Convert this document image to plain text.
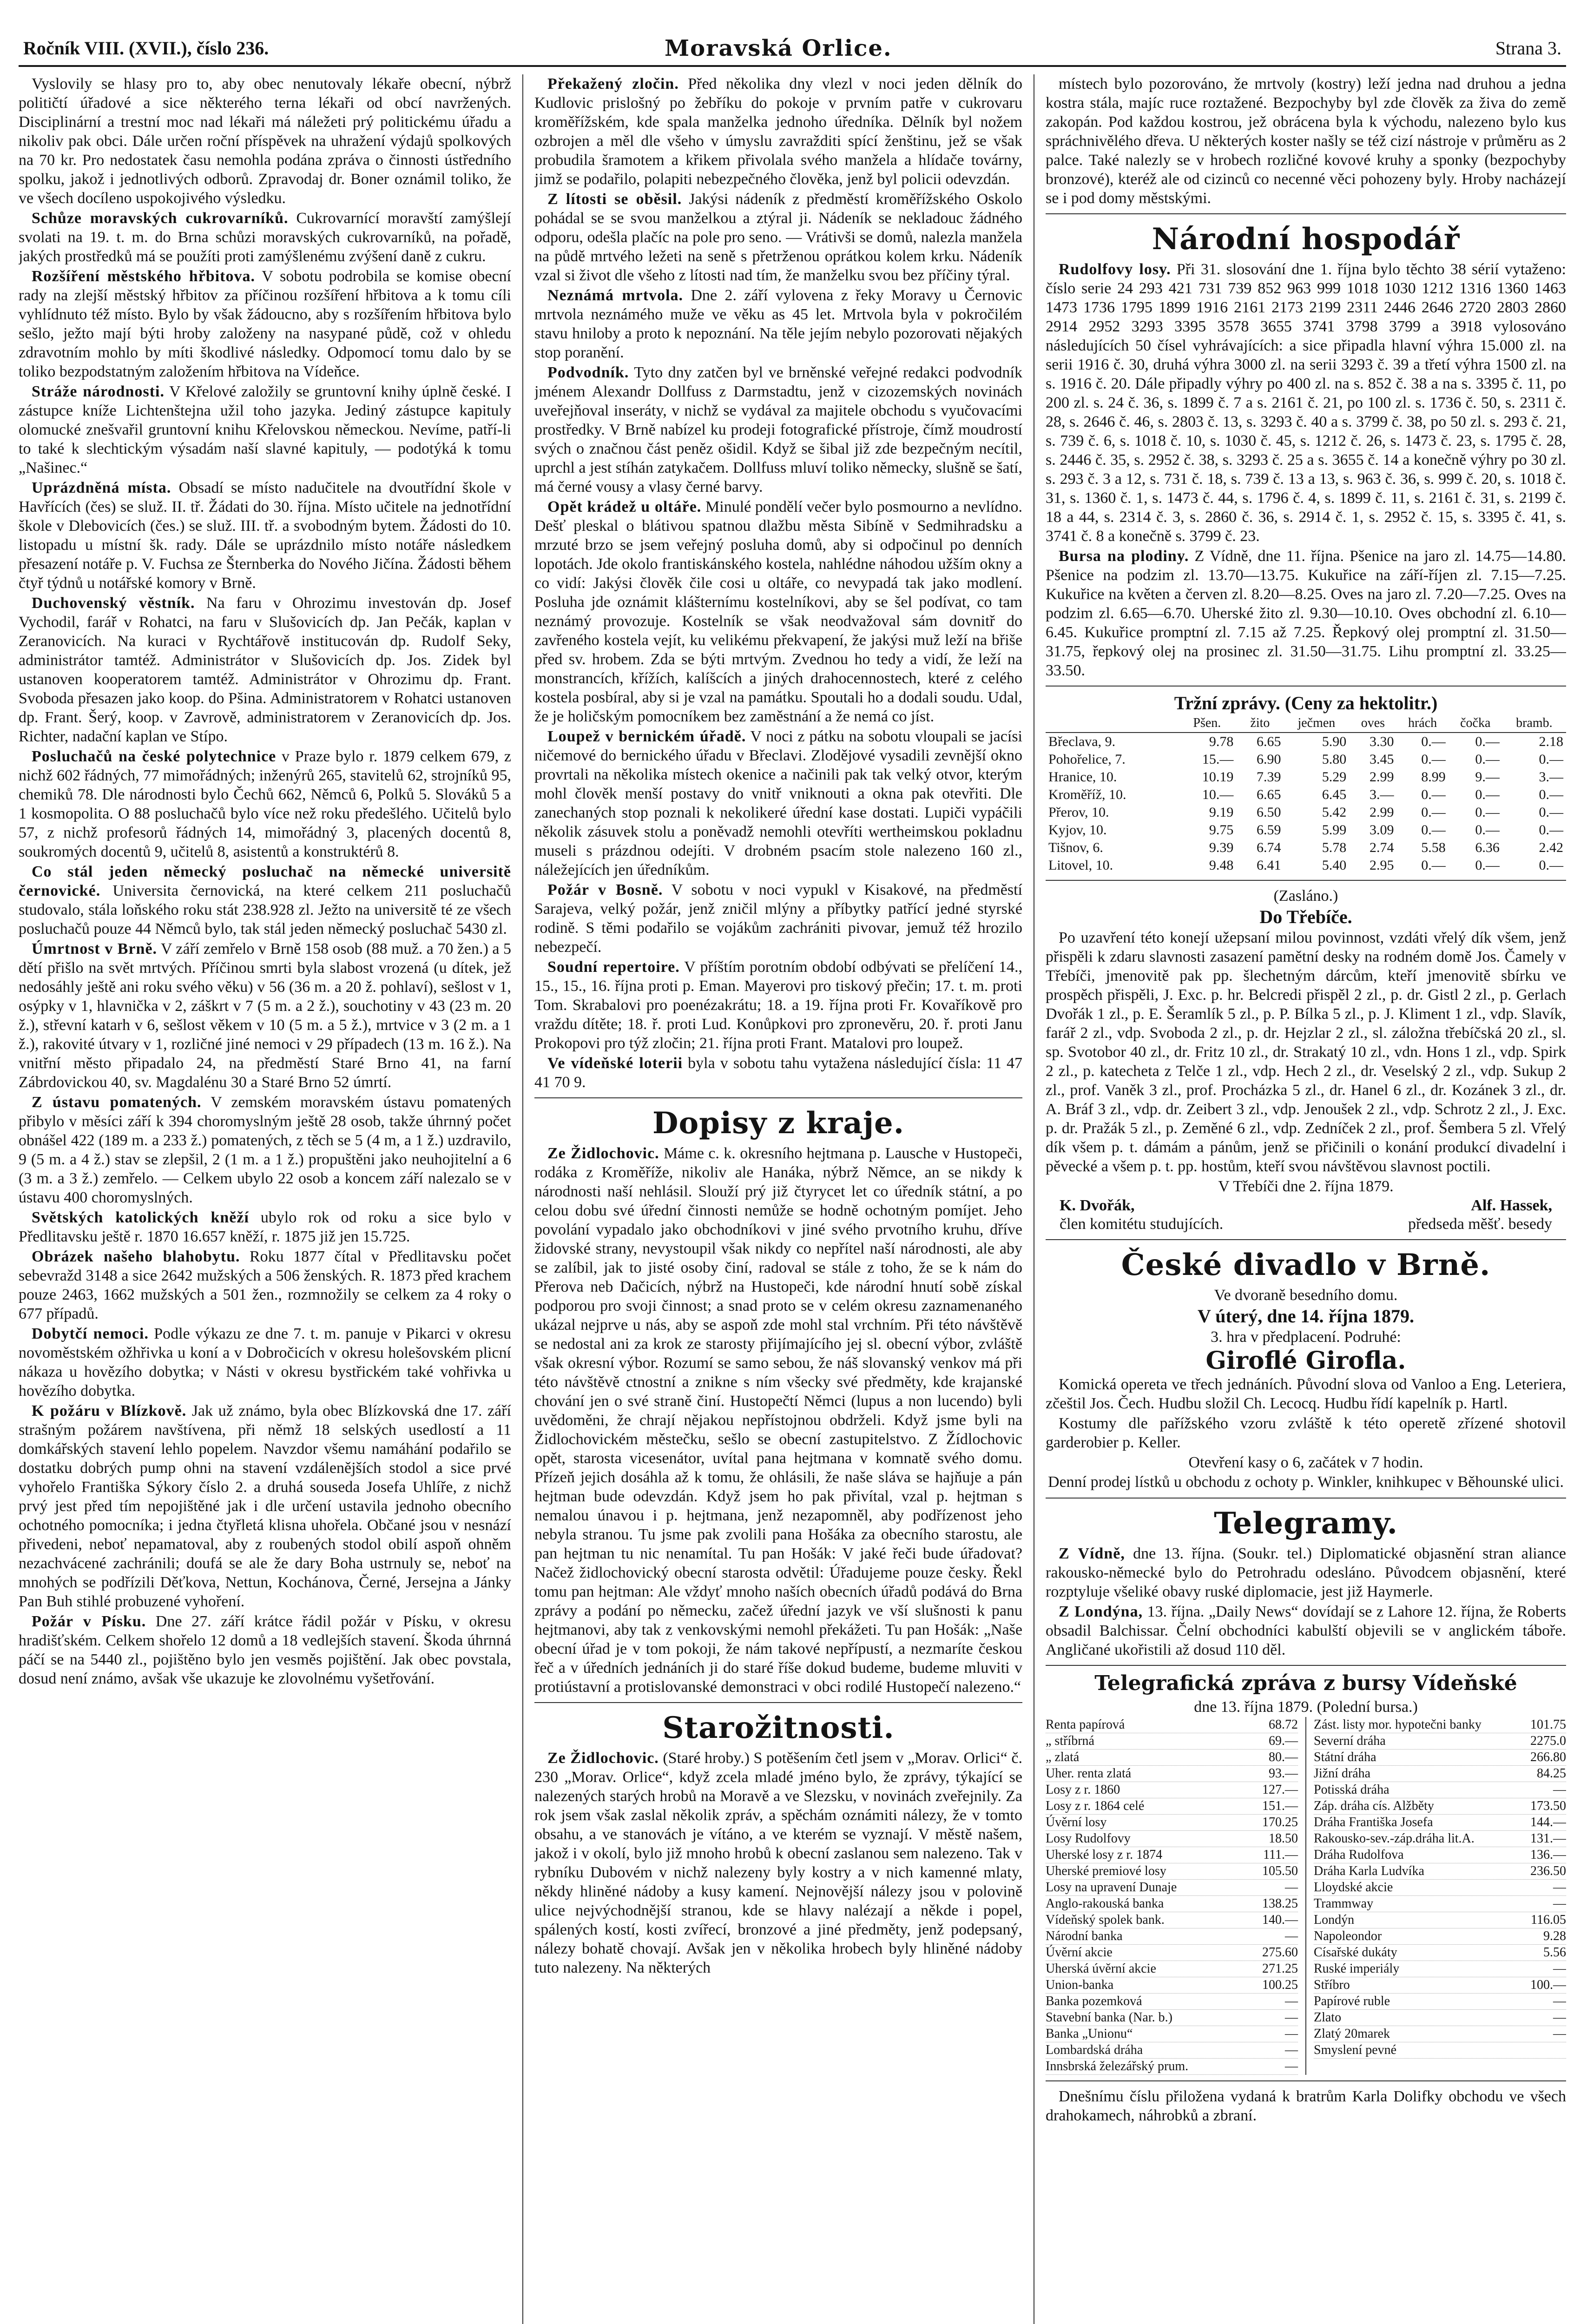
Ročník VIII. (XVII.), číslo 236.	Moravská Orlice.	Strana 3.

Vyslovily se hlasy pro to, aby obec nenutovaly lékaře obecní, nýbrž političtí úřadové a sice některého terna lékaři od obcí navržených. Disciplinární a trestní moc nad lékaři má náležeti prý politickému úřadu a nikoliv pak obci. Dále určen roční příspěvek na uhražení výdajů spolkových na 70 kr. Pro nedostatek času nemohla podána zpráva o činnosti ústředního spolku, jakož i jednotlivých odborů. Zpravodaj dr. Boner oznámil toliko, že ve všech docíleno uspokojivého výsledku.

Schůze moravských cukrovarníků. Cukrovarnící moravští zamýšlejí svolati na 19. t. m. do Brna schůzi moravských cukrovarníků, na pořadě, jakých prostředků má se použíti proti zamýšlenému zvýšení daně z cukru.

Rozšíření městského hřbitova. V sobotu podrobila se komise obecní rady na zlejší městský hřbitov za příčinou rozšíření hřbitova a k tomu cíli vyhlídnuto též místo. Bylo by však žádoucno, aby s rozšířením hřbitova bylo sešlo, ježto mají býti hroby založeny na nasypané půdě, což v ohledu zdravotním mohlo by míti škodlivé následky. Odpomocí tomu dalo by se toliko bezpodstatným založením hřbitova na Vídeňce.

Stráže národnosti. V Křelové založily se gruntovní knihy úplně české. I zástupce kníže Lichtenštejna užil toho jazyka. Jediný zástupce kapituly olomucké znešvařil gruntovní knihu Křelovskou německou. Nevíme, patří-li to také k slechtickým výsadám naší slavné kapituly, — podotýká k tomu „Našinec.“

Uprázdněná místa. Obsadí se místo nadučitele na dvoutřídní škole v Havřících (čes) se služ. II. tř. Žádati do 30. října. Místo učitele na jednotřídní škole v Dlebovicích (čes.) se služ. III. tř. a svobodným bytem. Žádosti do 10. listopadu u místní šk. rady. Dále se uprázdnilo místo notáře následkem přesazení notáře p. V. Fuchsa ze Šternberka do Nového Jičína. Žádosti během čtyř týdnů u notářské komory v Brně.

Duchovenský věstník. Na faru v Ohrozimu investován dp. Josef Vychodil, farář v Rohatci, na faru v Slušovicích dp. Jan Pečák, kaplan v Zeranovicích. Na kuraci v Rychtářově institucován dp. Rudolf Seky, administrátor tamtéž. Administrátor v Slušovicích dp. Jos. Zidek byl ustanoven kooperatorem tamtéž. Administrátor v Ohrozimu dp. Frant. Svoboda přesazen jako koop. do Pšina. Administratorem v Rohatci ustanoven dp. Frant. Šerý, koop. v Zavrově, administratorem v Zeranovicích dp. Jos. Richter, nadační kaplan ve Stípo.

Posluchačů na české polytechnice v Praze bylo r. 1879 celkem 679, z nichž 602 řádných, 77 mimořádných; inženýrů 265, stavitelů 62, strojníků 95, chemiků 78. Dle národnosti bylo Čechů 662, Němců 6, Polků 5. Slováků 5 a 1 kosmopolita. O 88 posluchačů bylo více než roku předešlého. Učitelů bylo 57, z nichž profesorů řádných 14, mimořádný 3, placených docentů 8, soukromých docentů 9, učitelů 8, asistentů a konstruktérů 8.

Co stál jeden německý posluchač na německé universitě černovické. Universita černovická, na které celkem 211 posluchačů studovalo, stála loňského roku stát 238.928 zl. Ježto na universitě té ze všech posluchačů pouze 44 Němců bylo, tak stál jeden německý posluchač 5430 zl.

Úmrtnost v Brně. V září zemřelo v Brně 158 osob (88 muž. a 70 žen.) a 5 dětí přišlo na svět mrtvých. Příčinou smrti byla slabost vrozená (u dítek, jež nedosáhly ještě ani roku svého věku) v 56 (36 m. a 20 ž. pohlaví), sešlost v 1, osýpky v 1, hlavnička v 2, záškrt v 7 (5 m. a 2 ž.), souchotiny v 43 (23 m. 20 ž.), střevní katarh v 6, sešlost věkem v 10 (5 m. a 5 ž.), mrtvice v 3 (2 m. a 1 ž.), rakovité útvary v 1, rozličné jiné nemoci v 29 případech (13 m. 16 ž.). Na vnitřní město připadalo 24, na předměstí Staré Brno 41, na farní Zábrdovickou 40, sv. Magdalénu 30 a Staré Brno 52 úmrtí.

Z ústavu pomatených. V zemském moravském ústavu pomatených přibylo v měsíci září k 394 choromyslným ještě 28 osob, takže úhrnný počet obnášel 422 (189 m. a 233 ž.) pomatených, z těch se 5 (4 m, a 1 ž.) uzdravilo, 9 (5 m. a 4 ž.) stav se zlepšil, 2 (1 m. a 1 ž.) propuštěni jako neuhojitelní a 6 (3 m. a 3 ž.) zemřelo. — Celkem ubylo 22 osob a koncem září nalezalo se v ústavu 400 choromyslných.

Světských katolických kněží ubylo rok od roku a sice bylo v Předlitavsku ještě r. 1870 16.657 kněží, r. 1875 již jen 15.725.

Obrázek našeho blahobytu. Roku 1877 čítal v Předlitavsku počet sebevražd 3148 a sice 2642 mužských a 506 ženských. R. 1873 před krachem pouze 2463, 1662 mužských a 501 žen., rozmnožily se celkem za 4 roky o 677 případů.

Dobytčí nemoci. Podle výkazu ze dne 7. t. m. panuje v Pikarci v okresu novoměstském ožhřivka u koní a v Dobročicích v okresu holešovském plicní nákaza u hovězího dobytka; v Násti v okresu bystřickém také vohřivka u hovězího dobytka.

K požáru v Blízkově. Jak už známo, byla obec Blízkovská dne 17. září strašným požárem navštívena, při němž 18 selských usedlostí a 11 domkářských stavení lehlo popelem. Navzdor všemu namáhání podařilo se dostatku dobrých pump ohni na stavení vzdálenějších stodol a sice prvé vyhořelo Františka Sýkory číslo 2. a druhá souseda Josefa Uhlíře, z nichž prvý jest před tím nepojištěné jak i dle určení ustavila jednoho obecního ochotného pomocníka; i jedna čtyřletá klisna uhořela. Občané jsou v nesnází přivedeni, neboť nepamatoval, aby z roubených stodol obilí aspoň ohněm nezachvácené zachránili; doufá se ale že dary Boha ustrnuly se, neboť na mnohých se podřízili Děťkova, Nettun, Kochánova, Černé, Jersejna a Jánky Pan Buh stihlé probuzené vyhoření.

Požár v Písku. Dne 27. září krátce řádil požár v Písku, v okresu hradišťském. Celkem shořelo 12 domů a 18 vedlejších stavení. Škoda úhrnná páčí se na 5440 zl., pojištěno bylo jen vesměs pojištění. Jak obec povstala, dosud není známo, avšak vše ukazuje ke zlovolnému vyšetřování.

Překažený zločin. Před několika dny vlezl v noci jeden dělník do Kudlovic prislošný po žebříku do pokoje v prvním patře v cukrovaru kroměřížském, kde spala manželka jednoho úředníka. Dělník byl nožem ozbrojen a měl dle všeho v úmyslu zavražditi spící ženštinu, jež se však probudila šramotem a křikem přivolala svého manžela a hlídače továrny, jimž se podařilo, polapiti nebezpečného člověka, jenž byl policii odevzdán.

Z lítosti se oběsil. Jakýsi nádeník z předměstí kroměřížského Oskolo pohádal se se svou manželkou a ztýral ji. Nádeník se nekladouc žádného odporu, odešla plačíc na pole pro seno. — Vrátivši se domů, nalezla manžela na půdě mrtvého ležeti na seně s přetrženou oprátkou kolem krku. Nádeník vzal si život dle všeho z lítosti nad tím, že manželku svou bez příčiny týral.

Neznámá mrtvola. Dne 2. září vylovena z řeky Moravy u Černovic mrtvola neznámého muže ve věku as 45 let. Mrtvola byla v pokročilém stavu hniloby a proto k nepoznání. Na těle jejím nebylo pozorovati nějakých stop poranění.

Podvodník. Tyto dny zatčen byl ve brněnské veřejné redakci podvodník jménem Alexandr Dollfuss z Darmstadtu, jenž v cizozemských novinách uveřejňoval inseráty, v nichž se vydával za majitele obchodu s vyučovacími prostředky. V Brně nabízel ku prodeji fotografické přístroje, čímž moudrostí svých o značnou část peněz ošidil. Když se šibal již zde bezpečným necítil, uprchl a jest stíhán zatykačem. Dollfuss mluví toliko německy, slušně se šatí, má černé vousy a vlasy černé barvy.

Opět krádež u oltáře. Minulé pondělí večer bylo posmourno a nevlídno. Dešť pleskal o blátivou spatnou dlažbu města Sibíně v Sedmihradsku a mrzuté brzo se jsem veřejný posluha domů, aby si odpočinul po denních lopotách. Jde okolo frantiskánského kostela, nahlédne náhodou užším okny a co vidí: Jakýsi člověk čile cosi u oltáře, co nevypadá tak jako modlení. Posluha jde oznámit klášternímu kostelníkovi, aby se šel podívat, co tam neznámý provozuje. Kostelník se však neodvažoval sám dovnitř do zavřeného kostela vejít, ku velikému překvapení, že jakýsi muž leží na břiše před sv. hrobem. Zda se býti mrtvým. Zvednou ho tedy a vidí, že leží na monstrancích, křížích, kalíšcích a jiných drahocennostech, které z celého kostela posbíral, aby si je vzal na památku. Spoutali ho a dodali soudu. Udal, že je holičským pomocníkem bez zaměstnání a že nemá co jíst.

Loupež v bernickém úřadě. V noci z pátku na sobotu vloupali se jacísi ničemové do bernického úřadu v Břeclavi. Zlodějové vysadili zevnější okno provrtali na několika místech okenice a načinili pak tak velký otvor, kterým mohl člověk menší postavy do vnitř vniknouti a okna pak otevřiti. Dle zanechaných stop poznali k nekolikeré úřední kase dostati. Lupiči vypáčili několik zásuvek stolu a poněvadž nemohli otevříti wertheimskou pokladnu museli s prázdnou odejíti. V drobném psacím stole nalezeno 160 zl., náležejících jen úředníkům.

Požár v Bosně. V sobotu v noci vypukl v Kisakové, na předměstí Sarajeva, velký požár, jenž zničil mlýny a příbytky patřící jedné styrské rodině. S těmi podařilo se vojákům zachrániti pivovar, jemuž též hrozilo nebezpečí.

Soudní repertoire. V příštím porotním období odbývati se přelíčení 14., 15., 15., 16. října proti p. Eman. Mayerovi pro tiskový přečin; 17. t. m. proti Tom. Skrabalovi pro poenézakrátu; 18. a 19. října proti Fr. Kovaříkově pro vraždu dítěte; 18. ř. proti Lud. Konůpkovi pro zpronevěru, 20. ř. proti Janu Prokopovi pro týž zločin; 21. října proti Frant. Matalovi pro loupež.

Ve vídeňské loterii byla v sobotu tahu vytažena následující čísla: 11 47 41 70 9.

Dopisy z kraje.

Ze Židlochovic. Máme c. k. okresního hejtmana p. Lausche v Hustopeči, rodáka z Kroměříže, nikoliv ale Hanáka, nýbrž Němce, an se nikdy k národnosti naší nehlásil. Slouží prý již čtyrycet let co úředník státní, a po celou dobu své úřední činnosti nemůže se hodně ochotným pomíjet. Jeho povolání vypadalo jako obchodníkovi v jiné svého prvotního kruhu, dříve židovské strany, nevystoupil však nikdy co nepřítel naší národnosti, ale aby se zalíbil, jak to jisté osoby činí, radoval se stále z toho, že se k nám do Přerova neb Dačicích, nýbrž na Hustopeči, kde národní hnutí sobě získal podporou pro svoji činnost; a snad proto se v celém okresu zaznamenaného ukázal nejprve u nás, aby se aspoň zde mohl stal vrchním. Při této návštěvě se nedostal ani za krok ze starosty přijímajícího jej sl. obecní výbor, zvláště však okresní výbor. Rozumí se samo sebou, že náš slovanský venkov má při této návštěvě ctnostní a znikne s ním všecky své předměty, kde krajanské chování jen o své straně činí. Hustopečtí Němci (lupus a non lucendo) byli uvědoměni, že chrají nějakou nepřístojnou obdrželi. Když jsme byli na Židlochovickém městečku, sešlo se obecní zastupitelstvo. Z Žídlochovic opět, starosta vicesenátor, uvítal pana hejtmana v komnatě svého domu. Přízeň jejich dosáhla až k tomu, že ohlásili, že naše sláva se hajňuje a pán hejtman bude odevzdán. Když jsem ho pak přivítal, vzal p. hejtman s nemalou únavou i p. hejtmana, jenž nezapomněl, aby podřízenost jeho nebyla stranou. Tu jsme pak zvolili pana Hošáka za obecního starostu, ale pan hejtman tu nic nenamítal. Tu pan Hošák: V jaké řeči bude úřadovat? Načež židlochovický obecní starosta odvětil: Úřadujeme pouze česky. Řekl tomu pan hejtman: Ale vždyť mnoho naších obecních úřadů podává do Brna zprávy a podání po německu, začež úřední jazyk ve vší slušnosti k panu hejtmanovi, aby tak z venkovskými nemohl překážeti. Tu pan Hošák: „Naše obecní úřad je v tom pokoji, že nám takové nepřípustí, a nezmaríte českou řeč a v úředních jednáních ji do staré říše dokud budeme, budeme mluviti v protiústavní a protislovanské demonstraci v obci rodilé Hustopečí nalezeno.“

Starožitnosti.

Ze Židlochovic. (Staré hroby.) S potěšením četl jsem v „Morav. Orlici“ č. 230 „Morav. Orlice“, když zcela mladé jméno bylo, že zprávy, týkající se nalezených starých hrobů na Moravě a ve Slezsku, v novinách zveřejnily. Za rok jsem však zaslal několik zpráv, a spěchám oznámiti nálezy, že v tomto obsahu, a ve stanovách je vítáno, a ve kterém se vyznají. V městě našem, jakož i v okolí, bylo již mnoho hrobů k obecní zaslanou sem nalezeno. Tak v rybníku Dubovém v nichž nalezeny byly kostry a v nich kamenné mlaty, někdy hliněné nádoby a kusy kamení. Nejnovější nálezy jsou v polovině ulice nejvýchodnější stranou, kde se hlavy nalézají a někde i popel, spálených kostí, kosti zvířecí, bronzové a jiné předměty, jenž podepsaný, nálezy bohatě chovají. Avšak jen v několika hrobech byly hliněné nádoby tuto nalezeny. Na některých

místech bylo pozorováno, že mrtvoly (kostry) leží jedna nad druhou a jedna kostra stála, majíc ruce roztažené. Bezpochyby byl zde člověk za živa do země zakopán. Pod každou kostrou, jež obrácena byla k východu, nalezeno bylo kus spráchnivělého dřeva. U některých koster našly se též cizí nástroje v průměru as 2 palce. Také nalezly se v hrobech rozličné kovové kruhy a sponky (bezpochyby bronzové), kteréž ale od cizinců co necenné věci pohozeny byly. Hroby nacházejí se i pod domy městskými.

Národní hospodář

Rudolfovy losy. Při 31. slosování dne 1. října bylo těchto 38 sérií vytaženo: číslo serie 24 293 421 731 739 852 963 999 1018 1030 1212 1316 1360 1463 1473 1736 1795 1899 1916 2161 2173 2199 2311 2446 2646 2720 2803 2860 2914 2952 3293 3395 3578 3655 3741 3798 3799 a 3918 vylosováno následujících 50 čísel vyhrávajících: a sice připadla hlavní výhra 15.000 zl. na serii 1916 č. 30, druhá výhra 3000 zl. na serii 3293 č. 39 a třetí výhra 1500 zl. na s. 1916 č. 20. Dále připadly výhry po 400 zl. na s. 852 č. 38 a na s. 3395 č. 11, po 200 zl. s. 24 č. 36, s. 1899 č. 7 a s. 2161 č. 21, po 100 zl. s. 1736 č. 50, s. 2311 č. 28, s. 2646 č. 46, s. 2803 č. 13, s. 3293 č. 40 a s. 3799 č. 38, po 50 zl. s. 293 č. 21, s. 739 č. 6, s. 1018 č. 10, s. 1030 č. 45, s. 1212 č. 26, s. 1473 č. 23, s. 1795 č. 28, s. 2446 č. 35, s. 2952 č. 38, s. 3293 č. 25 a s. 3655 č. 14 a konečně výhry po 30 zl. s. 293 č. 3 a 12, s. 731 č. 18, s. 739 č. 13 a 13, s. 963 č. 36, s. 999 č. 20, s. 1018 č. 31, s. 1360 č. 1, s. 1473 č. 44, s. 1796 č. 4, s. 1899 č. 11, s. 2161 č. 31, s. 2199 č. 18 a 44, s. 2314 č. 3, s. 2860 č. 36, s. 2914 č. 1, s. 2952 č. 15, s. 3395 č. 41, s. 3741 č. 8 a konečně s. 3799 č. 23.

Bursa na plodiny. Z Vídně, dne 11. října. Pšenice na jaro zl. 14.75—14.80. Pšenice na podzim zl. 13.70—13.75. Kukuřice na září-říjen zl. 7.15—7.25. Kukuřice na květen a červen zl. 8.20—8.25. Oves na jaro zl. 7.20—7.25. Oves na podzim zl. 6.65—6.70. Uherské žito zl. 9.30—10.10. Oves obchodní zl. 6.10—6.45. Kukuřice promptní zl. 7.15 až 7.25. Řepkový olej promptní zl. 31.50—31.75, řepkový olej na prosinec zl. 31.50—31.75. Lihu promptní zl. 33.25—33.50.

Tržní zprávy. (Ceny za hektolitr.)

	Pšen.	žito	ječmen	oves	hrách	čočka	bramb.
Břeclava, 9.	9.78	6.65	5.90	3.30	0.—	0.—	2.18
Pohořelice, 7.	15.—	6.90	5.80	3.45	0.—	0.—	0.—
Hranice, 10.	10.19	7.39	5.29	2.99	8.99	9.—	3.—
Kroměříž, 10.	10.—	6.65	6.45	3.—	0.—	0.—	0.—
Přerov, 10.	9.19	6.50	5.42	2.99	0.—	0.—	0.—
Kyjov, 10.	9.75	6.59	5.99	3.09	0.—	0.—	0.—
Tišnov, 6.	9.39	6.74	5.78	2.74	5.58	6.36	2.42
Litovel, 10.	9.48	6.41	5.40	2.95	0.—	0.—	0.—

(Zasláno.)

Do Třebíče.

Po uzavření této konejí užepsaní milou povinnost, vzdáti vřelý dík všem, jenž přispěli k zdaru slavnosti zasazení pamětní desky na rodném domě Jos. Čamely v Třebíči, jmenovitě pak pp. šlechetným dárcům, kteří jmenovitě sbírku ve prospěch přispěli, J. Exc. p. hr. Belcredi přispěl 2 zl., p. dr. Gistl 2 zl., p. Gerlach Dvořák 1 zl., p. E. Šeramlík 5 zl., p. P. Bílka 5 zl., p. J. Kliment 1 zl., vdp. Slavík, farář 2 zl., vdp. Svoboda 2 zl., p. dr. Hejzlar 2 zl., sl. záložna třebíčská 20 zl., sl. sp. Svotobor 40 zl., dr. Fritz 10 zl., dr. Strakatý 10 zl., vdn. Hons 1 zl., vdp. Spirk 2 zl., p. katecheta z Telče 1 zl., vdp. Hech 2 zl., dr. Veselský 2 zl., vdp. Sukup 2 zl., prof. Vaněk 3 zl., prof. Procházka 5 zl., dr. Hanel 6 zl., dr. Kozánek 3 zl., dr. A. Bráf 3 zl., vdp. dr. Zeibert 3 zl., vdp. Jenoušek 2 zl., vdp. Schrotz 2 zl., J. Exc. p. dr. Pražák 5 zl., p. Zeměné 6 zl., vdp. Zedníček 2 zl., prof. Šembera 5 zl. Vřelý dík všem p. t. dámám a pánům, jenž se přičinili o konání produkcí divadelní i pěvecké a všem p. t. pp. hostům, kteří svou návštěvou slavnost poctili.

V Třebíči dne 2. října 1879.

K. Dvořák,	Alf. Hassek,
člen komitétu studujících.	předseda měšť. besedy
České divadlo v Brně.

Ve dvoraně besedního domu.

V úterý, dne 14. října 1879.

3. hra v předplacení. Podruhé:

Giroflé Girofla.

Komická opereta ve třech jednáních. Původní slova od Vanloo a Eng. Leteriera, zčeštil Jos. Čech. Hudbu složil Ch. Lecocq. Hudbu řídí kapelník p. Hartl.

Kostumy dle pařížského vzoru zvláště k této operetě zřízené shotovil garderobier p. Keller.

Otevření kasy o 6, začátek v 7 hodin.

Denní prodej lístků u obchodu z ochoty p. Winkler, knihkupec v Běhounské ulici.

Telegramy.

Z Vídně, dne 13. října. (Soukr. tel.) Diplomatické objasnění stran aliance rakousko-německé bylo do Petrohradu odesláno. Původcem objasnění, které rozptyluje všeliké obavy ruské diplomacie, jest již Haymerle.

Z Londýna, 13. října. „Daily News“ dovídají se z Lahore 12. října, že Roberts obsadil Balchissar. Čelní obchodníci kabulští objevili se v anglickém táboře. Angličané ukořistili až dosud 110 děl.

Telegrafická zpráva z bursy Vídeňské

dne 13. října 1879. (Polední bursa.)

Renta papírová	68.72
„ stříbrná	69.—
„ zlatá	80.—
Uher. renta zlatá	93.—
Losy z r. 1860	127.—
Losy z r. 1864 celé	151.—
Úvěrní losy	170.25
Losy Rudolfovy	18.50
Uherské losy z r. 1874	111.—
Uherské premiové losy	105.50
Losy na upravení Dunaje	—
Anglo-rakouská banka	138.25
Vídeňský spolek bank.	140.—
Národní banka	—
Úvěrní akcie	275.60
Uherská úvěrní akcie	271.25
Union-banka	100.25
Banka pozemková	—
Stavební banka (Nar. b.)	—
Banka „Unionu“	—
Lombardská dráha	—
Innsbrská železářský prum.	—
Zást. listy mor. hypotečni banky	101.75
Severní dráha	2275.0
Státní dráha	266.80
Jižní dráha	84.25
Potisská dráha	—
Záp. dráha cís. Alžběty	173.50
Dráha Františka Josefa	144.—
Rakousko-sev.-záp.dráha lit.A.	131.—
Dráha Rudolfova	136.—
Dráha Karla Ludvíka	236.50
Lloydské akcie	—
Trammway	—
Londýn	116.05
Napoleondor	9.28
Císařské dukáty	5.56
Ruské imperiály	—
Stříbro	100.—
Papírové ruble	—
Zlato	—
Zlatý 20marek	—
Smyslení pevné

Dnešnímu číslu přiložena vydaná k bratrům Karla Dolifky obchodu ve všech drahokamech, náhrobků a zbraní.
